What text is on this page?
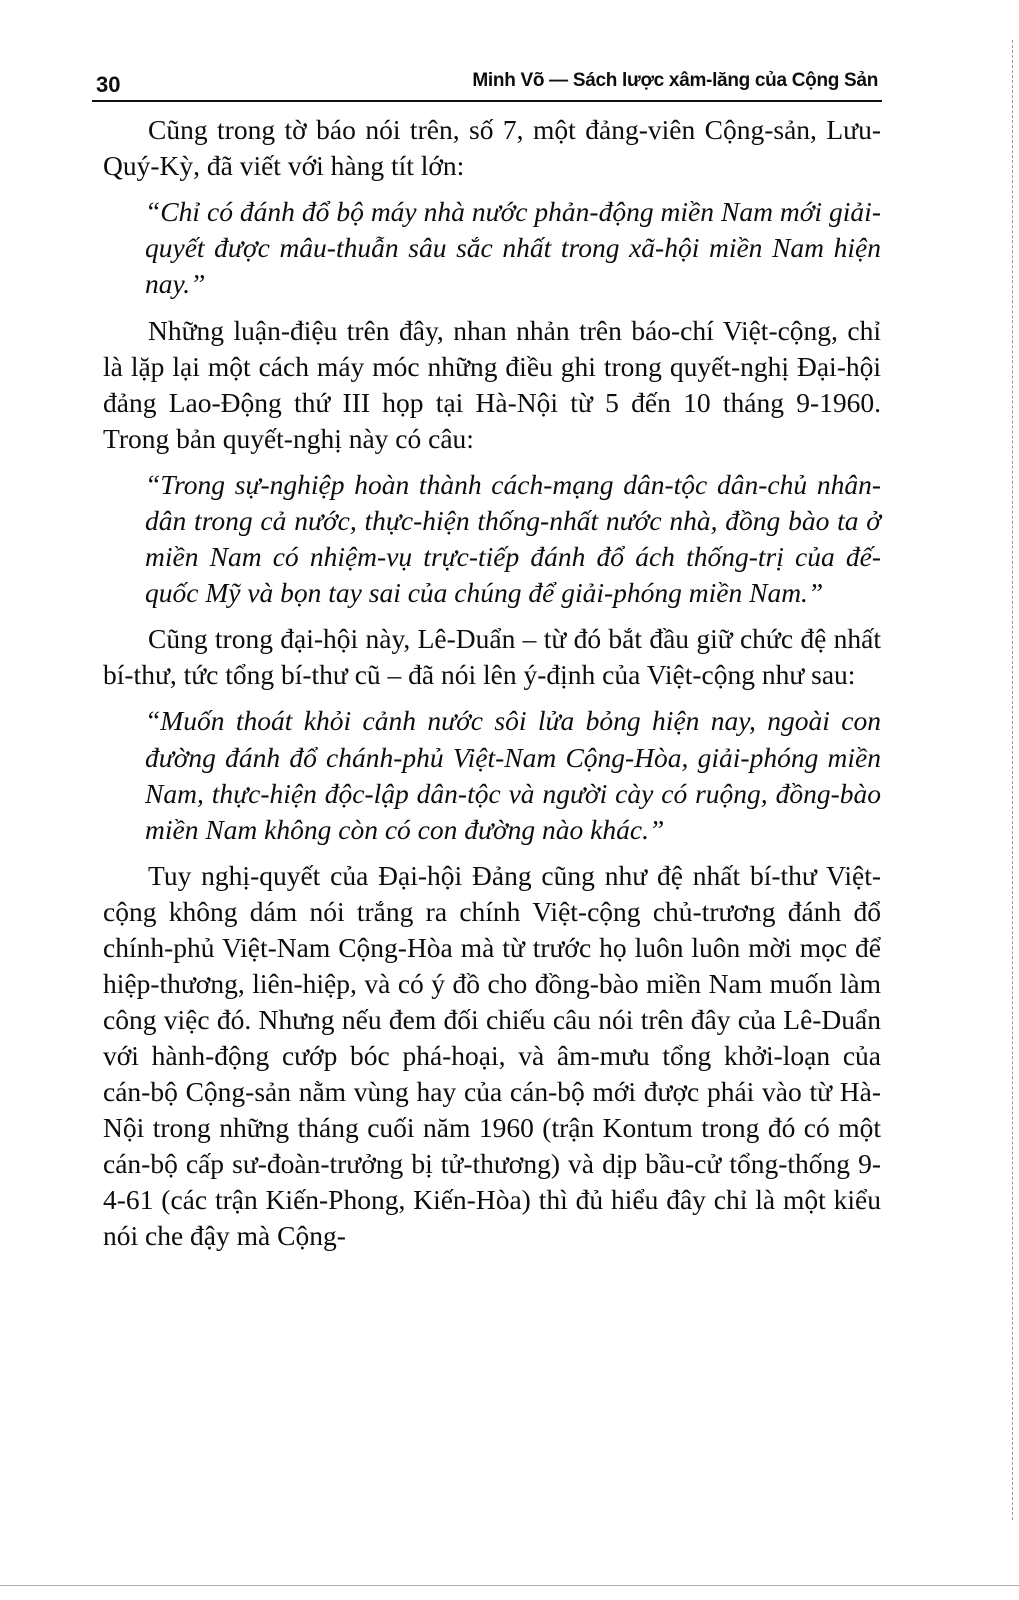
30	Minh Võ — Sách lược xâm-lăng của Cộng Sản

Cũng trong tờ báo nói trên, số 7, một đảng-viên Cộng-sản, Lưu-Quý-Kỳ, đã viết với hàng tít lớn:

“Chỉ có đánh đổ bộ máy nhà nước phản-động miền Nam mới giải-quyết được mâu-thuẫn sâu sắc nhất trong xã-hội miền Nam hiện nay.”

Những luận-điệu trên đây, nhan nhản trên báo-chí Việt-cộng, chỉ là lặp lại một cách máy móc những điều ghi trong quyết-nghị Đại-hội đảng Lao-Động thứ III họp tại Hà-Nội từ 5 đến 10 tháng 9-1960. Trong bản quyết-nghị này có câu:

“Trong sự-nghiệp hoàn thành cách-mạng dân-tộc dân-chủ nhân-dân trong cả nước, thực-hiện thống-nhất nước nhà, đồng bào ta ở miền Nam có nhiệm-vụ trực-tiếp đánh đổ ách thống-trị của đế-quốc Mỹ và bọn tay sai của chúng để giải-phóng miền Nam.”

Cũng trong đại-hội này, Lê-Duẩn – từ đó bắt đầu giữ chức đệ nhất bí-thư, tức tổng bí-thư cũ – đã nói lên ý-định của Việt-cộng như sau:

“Muốn thoát khỏi cảnh nước sôi lửa bỏng hiện nay, ngoài con đường đánh đổ chánh-phủ Việt-Nam Cộng-Hòa, giải-phóng miền Nam, thực-hiện độc-lập dân-tộc và người cày có ruộng, đồng-bào miền Nam không còn có con đường nào khác.”

Tuy nghị-quyết của Đại-hội Đảng cũng như đệ nhất bí-thư Việt-cộng không dám nói trắng ra chính Việt-cộng chủ-trương đánh đổ chính-phủ Việt-Nam Cộng-Hòa mà từ trước họ luôn luôn mời mọc để hiệp-thương, liên-hiệp, và có ý đồ cho đồng-bào miền Nam muốn làm công việc đó. Nhưng nếu đem đối chiếu câu nói trên đây của Lê-Duẩn với hành-động cướp bóc phá-hoại, và âm-mưu tổng khởi-loạn của cán-bộ Cộng-sản nằm vùng hay của cán-bộ mới được phái vào từ Hà-Nội trong những tháng cuối năm 1960 (trận Kontum trong đó có một cán-bộ cấp sư-đoàn-trưởng bị tử-thương) và dịp bầu-cử tổng-thống 9-4-61 (các trận Kiến-Phong, Kiến-Hòa) thì đủ hiểu đây chỉ là một kiểu nói che đậy mà Cộng-
